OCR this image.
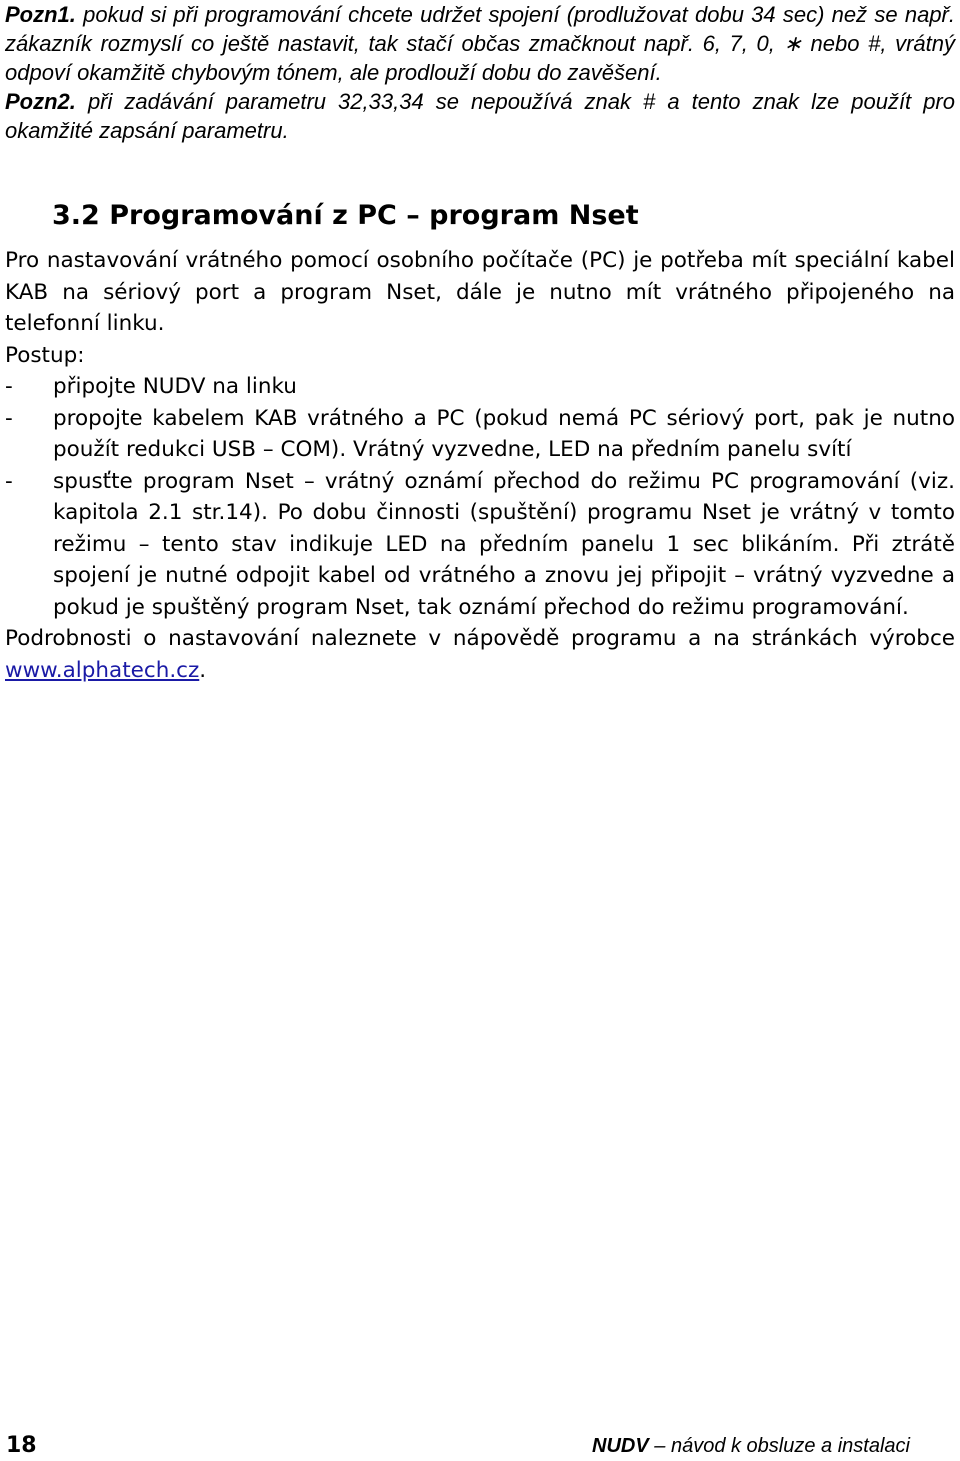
Pozn1. pokud si při programování chcete udržet spojení (prodlužovat dobu 34 sec) než se např. zákazník rozmyslí co ještě nastavit, tak stačí občas zmačknout např. 6, 7, 0, ∗ nebo #, vrátný odpoví okamžitě chybovým tónem, ale prodlouží dobu do zavěšení.

Pozn2. při zadávání parametru 32,33,34 se nepoužívá znak # a tento znak lze použít pro okamžité zapsání parametru.

3.2 Programování z PC – program Nset

Pro nastavování vrátného pomocí osobního počítače (PC) je potřeba mít speciální kabel KAB na sériový port a program Nset, dále je nutno mít vrátného připojeného na telefonní linku.

Postup:

- připojte NUDV na linku
- propojte kabelem KAB vrátného a PC (pokud nemá PC sériový port, pak je nutno použít redukci USB – COM). Vrátný vyzvedne, LED na předním panelu svítí
- spusťte program Nset – vrátný oznámí přechod do režimu PC programování (viz. kapitola 2.1 str.14). Po dobu činnosti (spuštění) programu Nset je vrátný v tomto režimu – tento stav indikuje LED na předním panelu 1 sec blikáním. Při ztrátě spojení je nutné odpojit kabel od vrátného a znovu jej připojit – vrátný vyzvedne a pokud je spuštěný program Nset, tak oznámí přechod do režimu programování.

Podrobnosti o nastavování naleznete v nápovědě programu a na stránkách výrobce www.alphatech.cz.

18	NUDV – návod k obsluze a instalaci
